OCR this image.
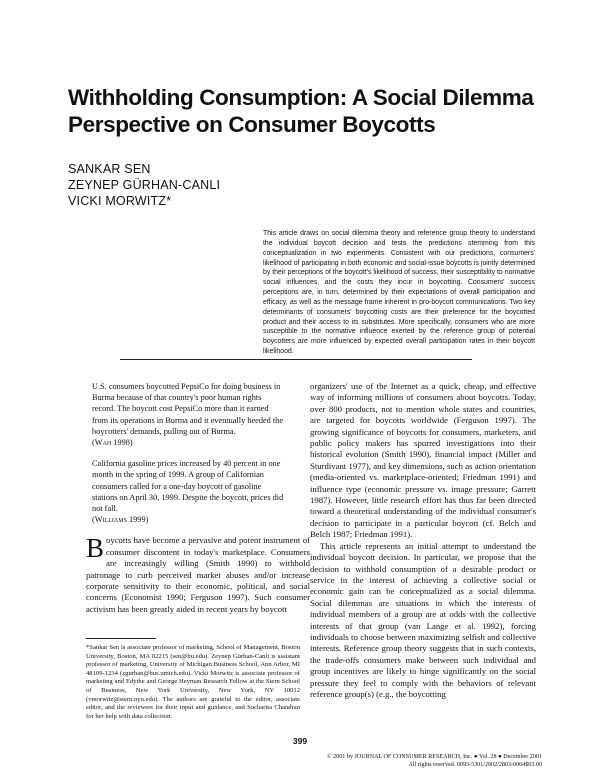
Withholding Consumption: A Social Dilemma
Perspective on Consumer Boycotts
SANKAR SEN
ZEYNEP GÜRHAN-CANLI
VICKI MORWITZ*
This article draws on social dilemma theory and reference group theory to understand the individual boycott decision and tests the predictions stemming from this conceptualization in two experiments. Consistent with our predictions, consumers' likelihood of participating in both economic and social-issue boycotts is jointly determined by their perceptions of the boycott's likelihood of success, their susceptibility to normative social influences, and the costs they incur in boycotting. Consumers' success perceptions are, in turn, determined by their expectations of overall participation and efficacy, as well as the message frame inherent in pro-boycott communications. Two key determinants of consumers' boycotting costs are their preference for the boycotted product and their access to its substitutes. More specifically, consumers who are more susceptible to the normative influence exerted by the reference group of potential boycotters are more influenced by expected overall participation rates in their boycott likelihood.
U.S. consumers boycotted PepsiCo for doing business in Burma because of that country's poor human rights record. The boycott cost PepsiCo more than it earned from its operations in Burma and it eventually heeded the boycotters' demands, pulling out of Burma.
(Wah 1998)
California gasoline prices increased by 40 percent in one month in the spring of 1999. A group of Californian consumers called for a one-day boycott of gasoline stations on April 30, 1999. Despite the boycott, prices did not fall.
(Williams 1999)

Boycotts have become a pervasive and potent instrument of consumer discontent in today's marketplace. Consumers are increasingly willing (Smith 1990) to withhold patronage to curb perceived market abuses and/or increase corporate sensitivity to their economic, political, and social concerns (Economist 1990; Ferguson 1997). Such consumer activism has been greatly aided in recent years by boycott

organizers' use of the Internet as a quick, cheap, and effective way of informing millions of consumers about boycotts. Today, over 800 products, not to mention whole states and countries, are targeted for boycotts worldwide (Ferguson 1997). The growing significance of boycotts for consumers, marketers, and public policy makers has spurred investigations into their historical evolution (Smith 1990), financial impact (Miller and Sturdivant 1977), and key dimensions, such as action orientation (media-oriented vs. marketplace-oriented; Friedman 1991) and influence type (economic pressure vs. image pressure; Garrett 1987). However, little research effort has thus far been directed toward a theoretical understanding of the individual consumer's decision to participate in a particular boycott (cf. Belch and Belch 1987; Friedman 1991).

This article represents an initial attempt to understand the individual boycott decision. In particular, we propose that the decision to withhold consumption of a desirable product or service in the interest of achieving a collective social or economic gain can be conceptualized as a social dilemma. Social dilemmas are situations in which the interests of individual members of a group are at odds with the collective interests of that group (van Lange et al. 1992), forcing individuals to choose between maximizing selfish and collective interests. Reference group theory suggests that in such contexts, the trade-offs consumers make between such individual and group incentives are likely to hinge significantly on the social pressure they feel to comply with the behaviors of relevant reference group(s) (e.g., the boycotting

*Sankar Sen is associate professor of marketing, School of Management, Boston University, Boston, MA 02215 (sen@bu.edu). Zeynep Gürhan-Canli is assistant professor of marketing, University of Michigan Business School, Ann Arbor, MI 48109-1234 (zgurhan@bus.umich.edu). Vicki Morwitz is associate professor of marketing and Edythe and George Heyman Research Fellow at the Stern School of Business, New York University, New York, NY 10012 (vmorwitz@stern.nyu.edu). The authors are grateful to the editor, associate editor, and the reviewers for their input and guidance, and Sucharita Chandran for her help with data collection.
399
© 2001 by JOURNAL OF CONSUMER RESEARCH, Inc. ● Vol. 28 ● December 2001
All rights reserved. 0093-5301/2002/2803-0004$03.00
